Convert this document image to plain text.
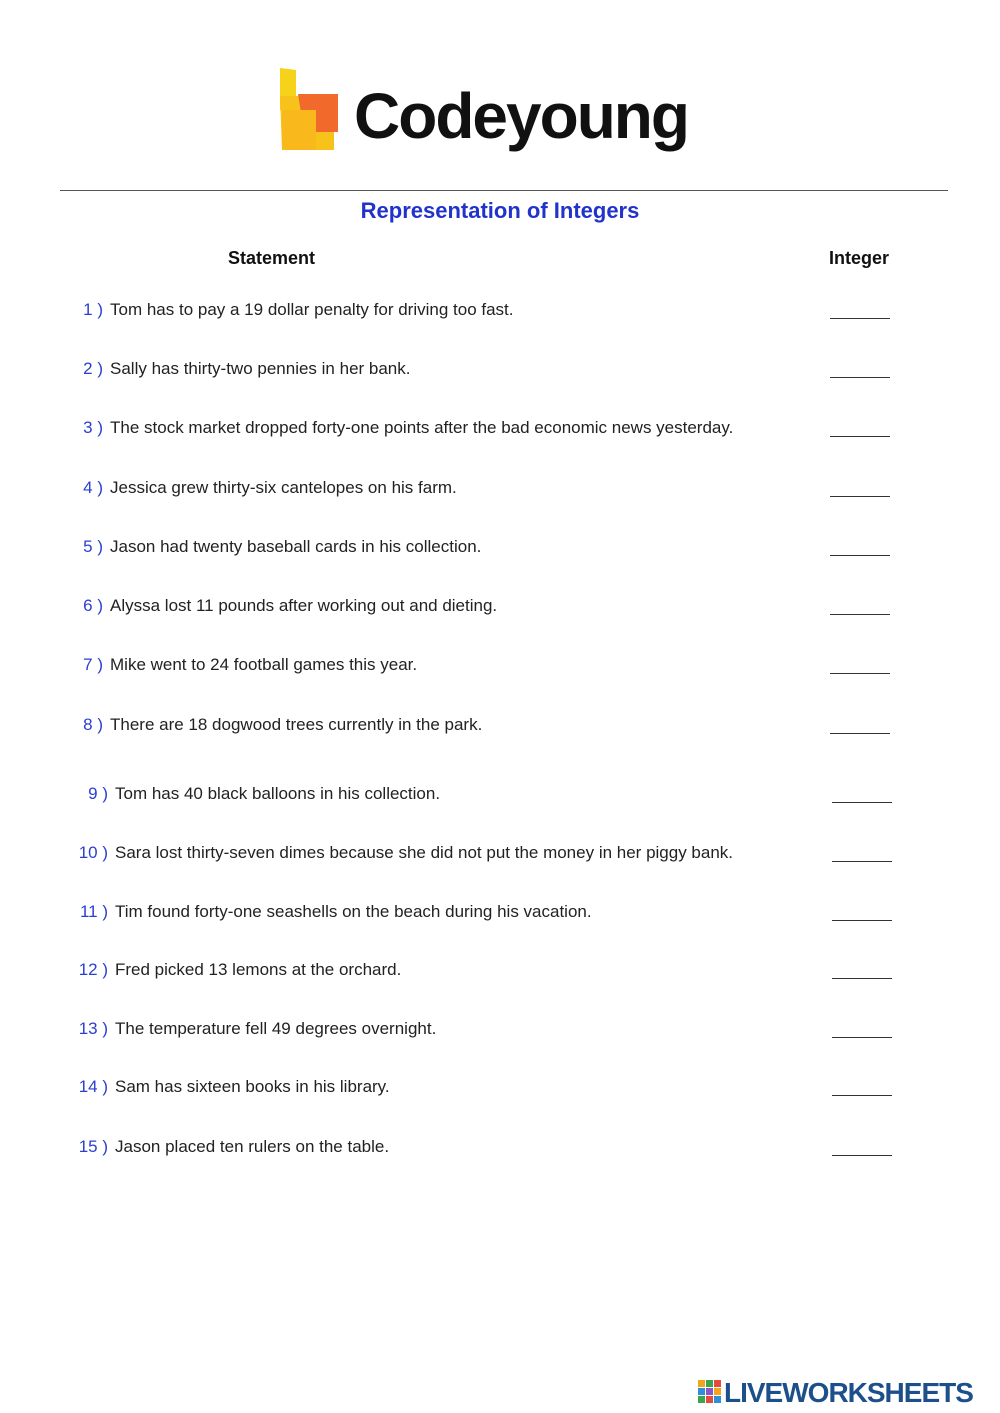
Codeyoung
Representation of Integers
Statement	Integer
1 ) Tom has to pay a 19 dollar penalty for driving too fast.
2 ) Sally has thirty-two pennies in her bank.
3 ) The stock market dropped forty-one points after the bad economic news yesterday.
4 ) Jessica grew thirty-six cantelopes on his farm.
5 ) Jason had twenty baseball cards in his collection.
6 ) Alyssa lost 11 pounds after working out and dieting.
7 ) Mike went to 24 football games this year.
8 ) There are 18 dogwood trees currently in the park.
9 ) Tom has 40 black balloons in his collection.
10 ) Sara lost thirty-seven dimes because she did not put the money in her piggy bank.
11 ) Tim found forty-one seashells on the beach during his vacation.
12 ) Fred picked 13 lemons at the orchard.
13 ) The temperature fell 49 degrees overnight.
14 ) Sam has sixteen books in his library.
15 ) Jason placed ten rulers on the table.
LIVEWORKSHEETS
